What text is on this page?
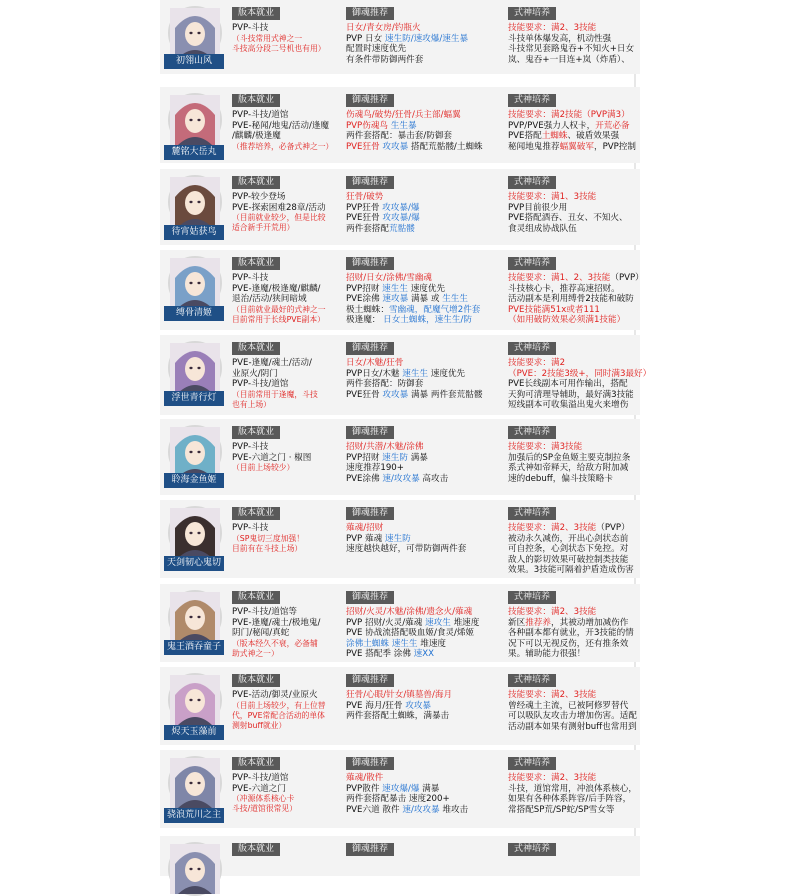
初翎山风
版本就业
PVP-斗技
（斗技常用式神之一
斗技高分段二号机也有用）
御魂推荐
日女/青女房/钓瓶火
PVP 日女 速生防/速攻爆/速生暴
配置时速度优先
有条件带防御两件套
式神培养
技能要求：满2、3技能
斗技单体爆发高，机动性强
斗技常见套路鬼吞+不知火+日女
岚、鬼吞+一目连+岚（炸盾）、
麓铭大岳丸
版本就业
PVP-斗技/道馆
PVE-秘闻/地鬼/活动/逢魔
/麒麟/极逢魔
（推荐培养，必备式神之一）
御魂推荐
伤魂鸟/破势/狂骨/兵主部/蝠翼
PVP伤魂鸟 生生暴
两件套搭配：暴击套/防御套
PVE狂骨 攻攻暴 搭配荒骷髅/土蜘蛛
式神培养
技能要求：满2技能（PVP满3）
PVP/PVE强力人权卡，开荒必备
PVE搭配土蜘蛛、破盾效果强
秘闻地鬼推荐蝠翼破军，PVP控制
待宵姑获鸟
版本就业
PVP-较少登场
PVE-探索困难28章/活动
（目前就业较少，但是比较
适合新手开荒用）
御魂推荐
狂骨/破势
PVP狂骨 攻攻暴/爆
PVE狂骨 攻攻暴/爆
两件套搭配荒骷髅
式神培养
技能要求：满1、3技能
PVP目前很少用
PVE搭配酒吞、丑女、不知火、
食灵组成协战队伍
缚骨清姬
版本就业
PVP-斗技
PVE-逢魔/极逢魔/麒麟/
退治/活动/狭间暗域
（目前就业最好的式神之一
目前常用于长线PVE副本）
御魂推荐
招财/日女/涂佛/雪幽魂
PVP招财 速生生 速度优先
PVE涂佛 速攻暴 满暴 或 生生生
极土蜘蛛：雪幽魂，配魔气增2件套
极逢魔： 日女土蜘蛛，速生生/防
式神培养
技能要求：满1、2、3技能（PVP）
斗技核心卡，推荐高速招财。
活动副本是利用缚骨2技能和破防
PVE技能满51x或者111
（如用破防效果必须满1技能）
浮世青行灯
版本就业
PVE-逢魔/魂土/活动/
业原火/阴门
PVP-斗技/道馆
（目前常用于逢魔，斗技
也有上场）
御魂推荐
日女/木魅/狂骨
PVP日女/木魅 速生生 速度优先
两件套搭配：防御套
PVE狂骨 攻攻暴 满暴 两件套荒骷髅
式神培养
技能要求：满2
（PVE：2技能3级+，同时满3最好）
PVE长线副本可用作输出，搭配
天狗可清理导辅助，最好满3技能
短线副本可收集溢出鬼火来增伤
聆海金鱼姬
版本就业
PVP-斗技
PVE-六道之门 · 椒图
（目前上场较少）
御魂推荐
招财/共潜/木魅/涂佛
PVP招财 速生防 满暴
速度推荐190+
PVE涂佛 速/攻攻暴 高攻击
式神培养
技能要求：满3技能
加强后的SP金鱼姬主要克制拉条
系式神如帝释天，给敌方附加减
速的debuff，偏斗技策略卡
天剑韧心鬼切
版本就业
PVP-斗技
（SP鬼切三度加强！
目前有在斗技上场）
御魂推荐
薙魂/招财
PVP 薙魂 速生防
速度越快越好，可带防御两件套
式神培养
技能要求：满2、3技能（PVP）
被动永久减伤，开出心剑状态前
可自控条，心剑状态下免控。对
敌人的影切效果可破控制类技能
效果。3技能可隔着护盾造成伤害
鬼王酒吞童子
版本就业
PVP-斗技/道馆等
PVE-逢魔/魂土/极地鬼/
阴门/秘闻/真蛇
（版本经久不衰，必备辅
助式神之一）
御魂推荐
招财/火灵/木魅/涂佛/遗念火/薙魂
PVP 招财/火灵/薙魂 速攻生 堆速度
PVE 协战流搭配吸血姬/食灵/烯姬
涂佛土蜘蛛 速生生 堆速度
PVE 搭配季 涂佛 速XX
式神培养
技能要求：满2、3技能
新区推荐养，其被动增加减伤作
各种副本都有就业，开3技能的情
况下可以无视反伤，还有推条效
果。辅助能力很强！
烬天玉藻前
版本就业
PVE-活动/御灵/业原火
（目前上场较少，有上位替
代，PVE常配合活动的单体
测射buff就业）
御魂推荐
狂骨/心眼/针女/镇墓兽/海月
PVE 海月/狂骨 攻攻暴
两件套搭配土蜘蛛，满暴击
式神培养
技能要求：满2、3技能
曾经魂土主流，已被阿修罗替代
可以吸队友攻击力增加伤害。适配
活动副本如果有测射buff也常用到
骁浪荒川之主
版本就业
PVP-斗技/道馆
PVE-六道之门
（冲源体系核心卡
斗技/道馆很常见）
御魂推荐
薙魂/散件
PVP散件 速攻爆/爆 满暴
两件套搭配暴击 速度200+
PVE六道 散件 速/攻攻暴 堆攻击
式神培养
技能要求：满2、3技能
斗技，道馆常用，冲浪体系核心，
如果有各种体系阵容/后手阵容，
常搭配SP荒/SP蛇/SP雪女等
版本就业	御魂推荐	式神培养
